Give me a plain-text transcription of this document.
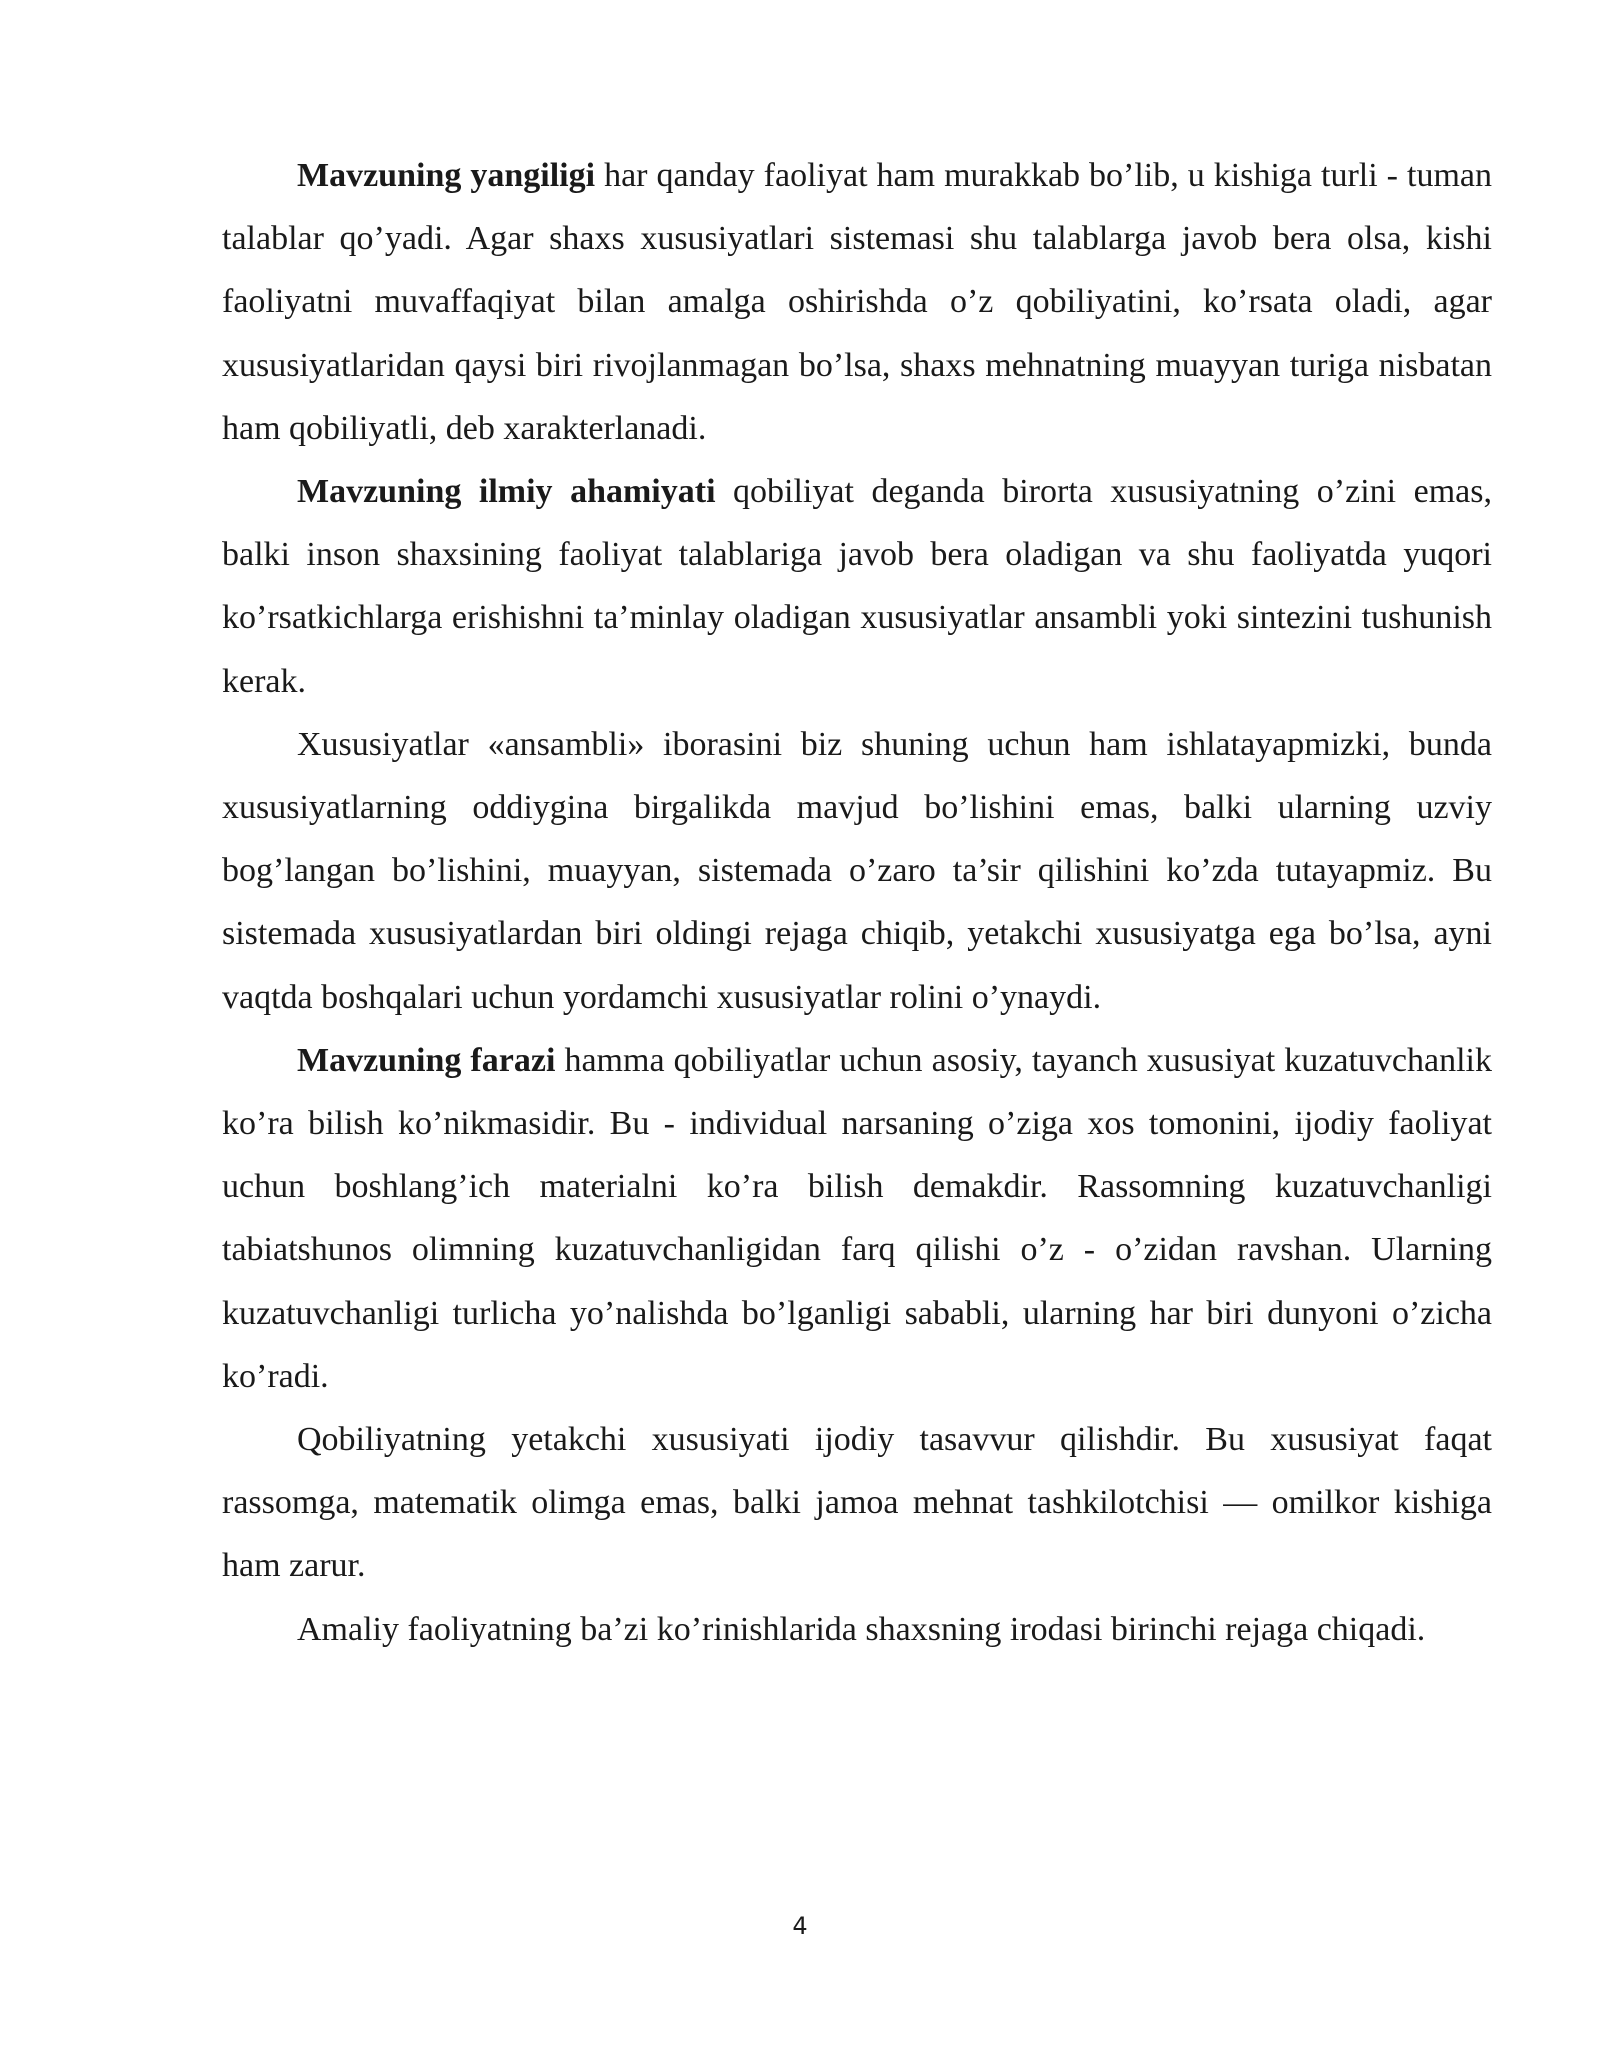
Mavzuning yangiligi har qanday faoliyat ham murakkab bo’lib, u kishiga turli - tuman talablar qo’yadi. Agar shaxs xususiyatlari sistemasi shu talablarga javob bera olsa, kishi faoliyatni muvaffaqiyat bilan amalga oshirishda o’z qobiliyatini, ko’rsata oladi, agar xususiyatlaridan qaysi biri rivojlanmagan bo’lsa, shaxs mehnatning muayyan turiga nisbatan ham qobiliyatli, deb xarakterlanadi.

Mavzuning ilmiy ahamiyati qobiliyat deganda birorta xususiyatning o’zini emas, balki inson shaxsining faoliyat talablariga javob bera oladigan va shu faoliyatda yuqori ko’rsatkichlarga erishishni ta’minlay oladigan xususiyatlar ansambli yoki sintezini tushunish kerak.

Xususiyatlar «ansambli» iborasini biz shuning uchun ham ishlatayapmizki, bunda xususiyatlarning oddiygina birgalikda mavjud bo’lishini emas, balki ularning uzviy bog’langan bo’lishini, muayyan, sistemada o’zaro ta’sir qilishini ko’zda tutayapmiz. Bu sistemada xususiyatlardan biri oldingi rejaga chiqib, yetakchi xususiyatga ega bo’lsa, ayni vaqtda boshqalari uchun yordamchi xususiyatlar rolini o’ynaydi.

Mavzuning farazi hamma qobiliyatlar uchun asosiy, tayanch xususiyat kuzatuvchanlik ko’ra bilish ko’nikmasidir. Bu - individual narsaning o’ziga xos tomonini, ijodiy faoliyat uchun boshlang’ich materialni ko’ra bilish demakdir. Rassomning kuzatuvchanligi tabiatshunos olimning kuzatuvchanligidan farq qilishi o’z - o’zidan ravshan. Ularning kuzatuvchanligi turlicha yo’nalishda bo’lganligi sababli, ularning har biri dunyoni o’zicha ko’radi.

Qobiliyatning yetakchi xususiyati ijodiy tasavvur qilishdir. Bu xususiyat faqat rassomga, matematik olimga emas, balki jamoa mehnat tashkilotchisi — omilkor kishiga ham zarur.

Amaliy faoliyatning ba’zi ko’rinishlarida shaxsning irodasi birinchi rejaga chiqadi.

4
